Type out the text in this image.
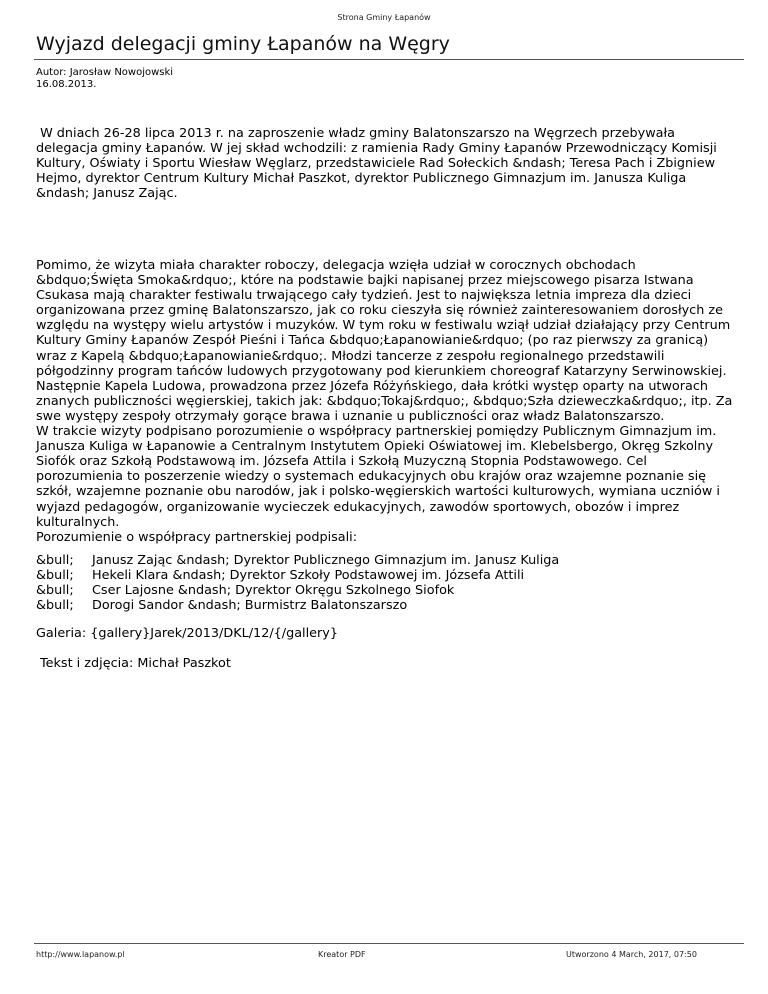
Strona Gminy Łapanów
Wyjazd delegacji gminy Łapanów na Węgry
Autor: Jarosław Nowojowski
16.08.2013.

W dniach 26-28 lipca 2013 r. na zaproszenie władz gminy Balatonszarszo na Węgrzech przebywała delegacja gminy Łapanów. W jej skład wchodzili: z ramienia Rady Gminy Łapanów Przewodniczący Komisji Kultury, Oświaty i Sportu Wiesław Węglarz, przedstawiciele Rad Sołeckich &ndash; Teresa Pach i Zbigniew Hejmo, dyrektor Centrum Kultury Michał Paszkot, dyrektor Publicznego Gimnazjum im. Janusza Kuliga &ndash; Janusz Zając.

Pomimo, że wizyta miała charakter roboczy, delegacja wzięła udział w corocznych obchodach &bdquo;Święta Smoka&rdquo;, które na podstawie bajki napisanej przez miejscowego pisarza Istwana Csukasa mają charakter festiwalu trwającego cały tydzień. Jest to największa letnia impreza dla dzieci organizowana przez gminę Balatonszarszo, jak co roku cieszyła się również zainteresowaniem dorosłych ze względu na występy wielu artystów i muzyków. W tym roku w festiwalu wziął udział działający przy Centrum Kultury Gminy Łapanów Zespół Pieśni i Tańca &bdquo;Łapanowianie&rdquo; (po raz pierwszy za granicą) wraz z Kapelą &bdquo;Łapanowianie&rdquo;. Młodzi tancerze z zespołu regionalnego przedstawili półgodzinny program tańców ludowych przygotowany pod kierunkiem choreograf Katarzyny Serwinowskiej. Następnie Kapela Ludowa, prowadzona przez Józefa Różyńskiego, dała krótki występ oparty na utworach znanych publiczności węgierskiej, takich jak: &bdquo;Tokaj&rdquo;, &bdquo;Szła dzieweczka&rdquo;, itp. Za swe występy zespoły otrzymały gorące brawa i uznanie u publiczności oraz władz Balatonszarszo.
W trakcie wizyty podpisano porozumienie o współpracy partnerskiej pomiędzy Publicznym Gimnazjum im. Janusza Kuliga w Łapanowie a Centralnym Instytutem Opieki Oświatowej im. Klebelsbergo, Okręg Szkolny Siofók oraz Szkołą Podstawową im. Józsefa Attila i Szkołą Muzyczną Stopnia Podstawowego. Cel porozumienia to poszerzenie wiedzy o systemach edukacyjnych obu krajów oraz wzajemne poznanie się szkół, wzajemne poznanie obu narodów, jak i polsko-węgierskich wartości kulturowych, wymiana uczniów i wyjazd pedagogów, organizowanie wycieczek edukacyjnych, zawodów sportowych, obozów i imprez kulturalnych.
Porozumienie o współpracy partnerskiej podpisali:

&bull;	Janusz Zając &ndash; Dyrektor Publicznego Gimnazjum im. Janusz Kuliga
&bull;	Hekeli Klara &ndash; Dyrektor Szkoły Podstawowej im. Józsefa Attili
&bull;	Cser Lajosne &ndash; Dyrektor Okręgu Szkolnego Siofok
&bull;	Dorogi Sandor &ndash; Burmistrz Balatonszarszo
Galeria: {gallery}Jarek/2013/DKL/12/{/gallery}
Tekst i zdjęcia: Michał Paszkot
http://www.lapanow.pl	Kreator PDF	Utworzono 4 March, 2017, 07:50
